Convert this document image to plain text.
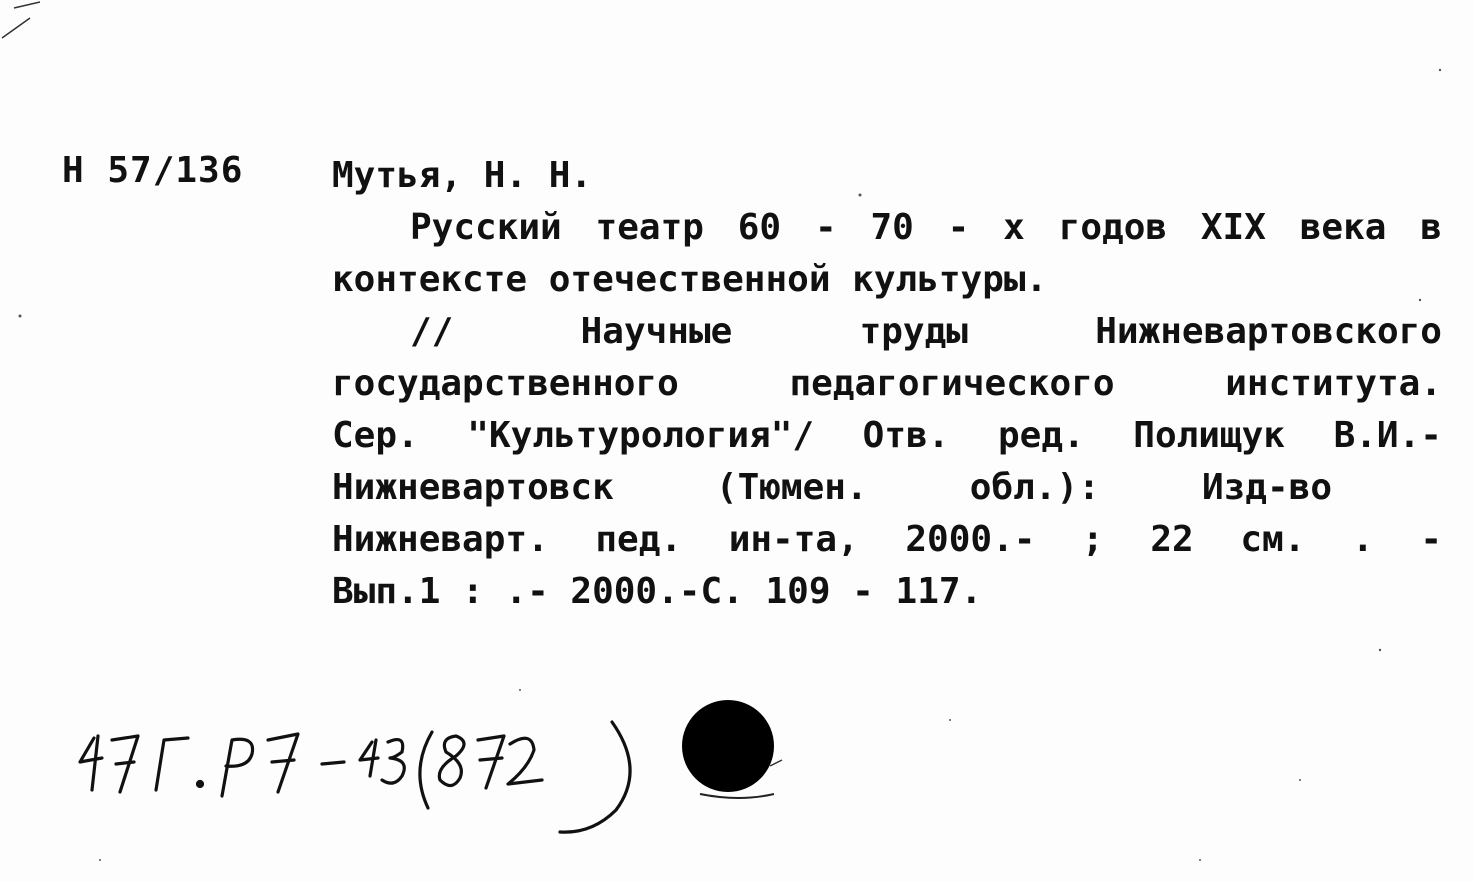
Н 57/136 Мутья, Н. Н.
Русский театр 60 - 70 - х годов XIX века в
контексте отечественной культуры.
//	Научные	труды	Нижневартовского
государственного	педагогического	института.
Сер. "Культурология"/ Отв. ред. Полищук В.И.-
Нижневартовск	(Тюмен.	обл.):	Изд-во
Нижневарт. пед. ин-та, 2000.- ; 22 см. . -
Вып.1 : .- 2000.-С. 109 - 117.
